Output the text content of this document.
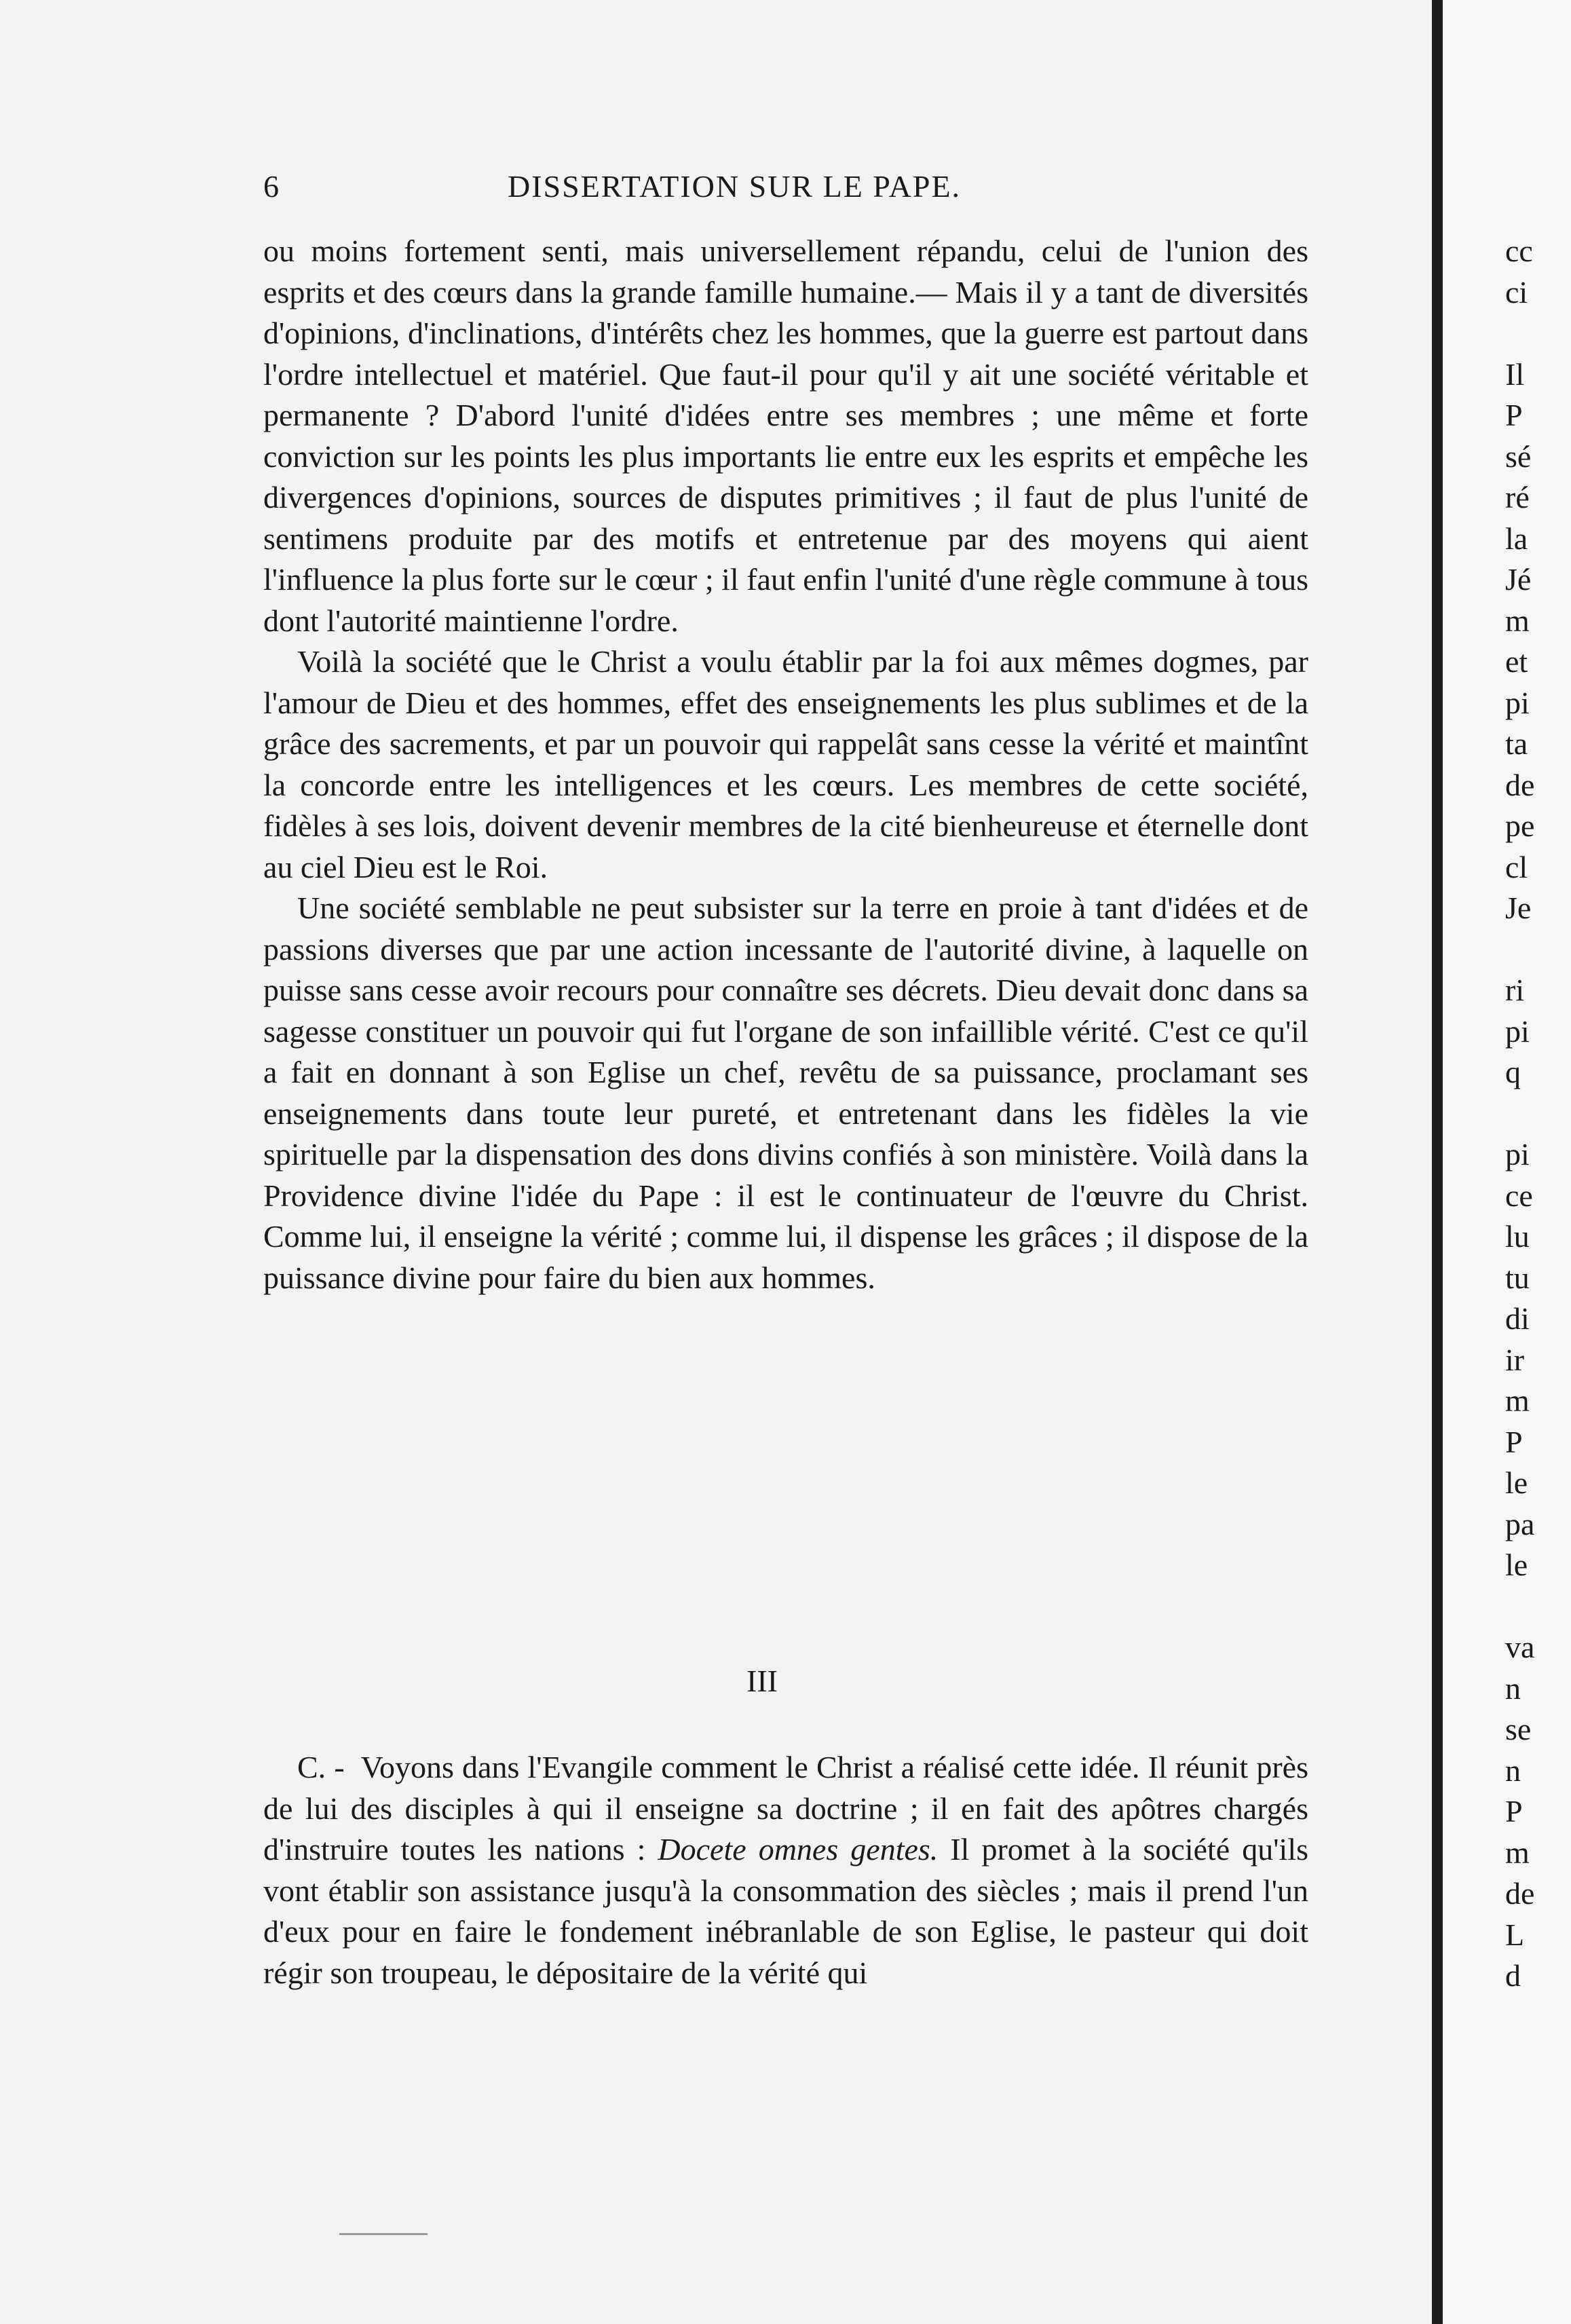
6	DISSERTATION SUR LE PAPE.

ou moins fortement senti, mais universellement répandu, celui de l'union des esprits et des cœurs dans la grande famille humaine.— Mais il y a tant de diversités d'opinions, d'inclinations, d'intérêts chez les hommes, que la guerre est partout dans l'ordre intellectuel et matériel. Que faut-il pour qu'il y ait une société véritable et permanente ? D'abord l'unité d'idées entre ses membres ; une même et forte conviction sur les points les plus importants lie entre eux les esprits et empêche les divergences d'opinions, sources de disputes primitives ; il faut de plus l'unité de sentimens produite par des motifs et entretenue par des moyens qui aient l'influence la plus forte sur le cœur ; il faut enfin l'unité d'une règle commune à tous dont l'autorité maintienne l'ordre.

Voilà la société que le Christ a voulu établir par la foi aux mêmes dogmes, par l'amour de Dieu et des hommes, effet des enseignements les plus sublimes et de la grâce des sacrements, et par un pouvoir qui rappelât sans cesse la vérité et maintînt la concorde entre les intelligences et les cœurs. Les membres de cette société, fidèles à ses lois, doivent devenir membres de la cité bienheureuse et éternelle dont au ciel Dieu est le Roi.

Une société semblable ne peut subsister sur la terre en proie à tant d'idées et de passions diverses que par une action incessante de l'autorité divine, à laquelle on puisse sans cesse avoir recours pour connaître ses décrets. Dieu devait donc dans sa sagesse constituer un pouvoir qui fut l'organe de son infaillible vérité. C'est ce qu'il a fait en donnant à son Eglise un chef, revêtu de sa puissance, proclamant ses enseignements dans toute leur pureté, et entretenant dans les fidèles la vie spirituelle par la dispensation des dons divins confiés à son ministère. Voilà dans la Providence divine l'idée du Pape : il est le continuateur de l'œuvre du Christ. Comme lui, il enseigne la vérité ; comme lui, il dispense les grâces ; il dispose de la puissance divine pour faire du bien aux hommes.

III

C. - Voyons dans l'Evangile comment le Christ a réalisé cette idée. Il réunit près de lui des disciples à qui il enseigne sa doctrine ; il en fait des apôtres chargés d'instruire toutes les nations : Docete omnes gentes. Il promet à la société qu'ils vont établir son assistance jusqu'à la consommation des siècles ; mais il prend l'un d'eux pour en faire le fondement inébranlable de son Eglise, le pasteur qui doit régir son troupeau, le dépositaire de la vérité qui

cc
ci
Il
P
sé
ré
la
Jé
m
et
pi
ta
de
pe
cl
Je
ri
pi
q
pi
ce
lu
tu
di
ir
m
P
le
pa
le
va
n
se
n
P
m
de
L
d
